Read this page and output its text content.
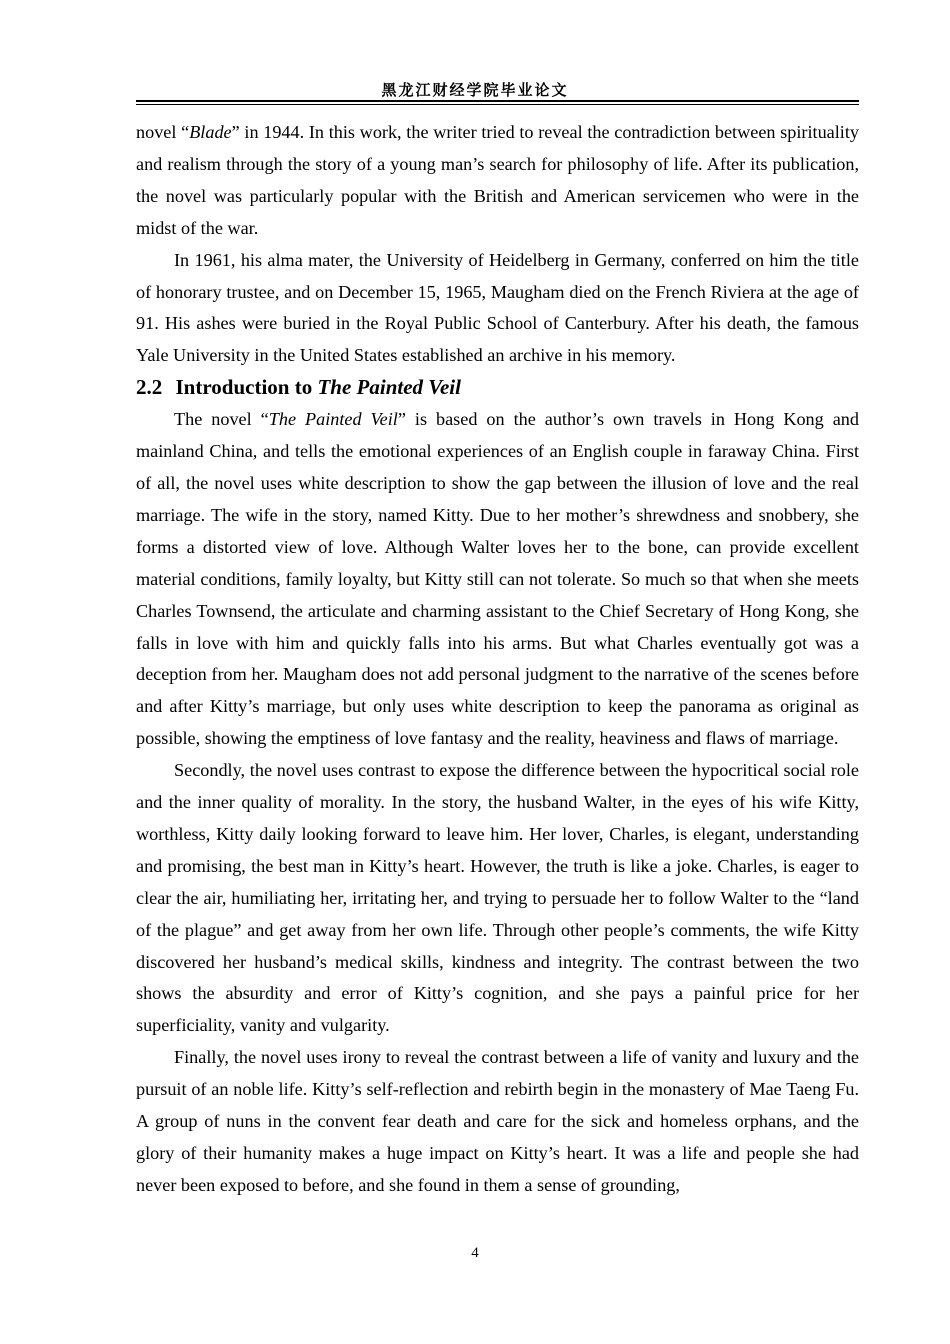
黑龙江财经学院毕业论文

novel “Blade” in 1944. In this work, the writer tried to reveal the contradiction between spirituality and realism through the story of a young man’s search for philosophy of life. After its publication, the novel was particularly popular with the British and American servicemen who were in the midst of the war.

In 1961, his alma mater, the University of Heidelberg in Germany, conferred on him the title of honorary trustee, and on December 15, 1965, Maugham died on the French Riviera at the age of 91. His ashes were buried in the Royal Public School of Canterbury. After his death, the famous Yale University in the United States established an archive in his memory.

2.2 Introduction to The Painted Veil

The novel “The Painted Veil” is based on the author’s own travels in Hong Kong and mainland China, and tells the emotional experiences of an English couple in faraway China. First of all, the novel uses white description to show the gap between the illusion of love and the real marriage. The wife in the story, named Kitty. Due to her mother’s shrewdness and snobbery, she forms a distorted view of love. Although Walter loves her to the bone, can provide excellent material conditions, family loyalty, but Kitty still can not tolerate. So much so that when she meets Charles Townsend, the articulate and charming assistant to the Chief Secretary of Hong Kong, she falls in love with him and quickly falls into his arms. But what Charles eventually got was a deception from her. Maugham does not add personal judgment to the narrative of the scenes before and after Kitty’s marriage, but only uses white description to keep the panorama as original as possible, showing the emptiness of love fantasy and the reality, heaviness and flaws of marriage.

Secondly, the novel uses contrast to expose the difference between the hypocritical social role and the inner quality of morality. In the story, the husband Walter, in the eyes of his wife Kitty, worthless, Kitty daily looking forward to leave him. Her lover, Charles, is elegant, understanding and promising, the best man in Kitty’s heart. However, the truth is like a joke. Charles, is eager to clear the air, humiliating her, irritating her, and trying to persuade her to follow Walter to the “land of the plague” and get away from her own life. Through other people’s comments, the wife Kitty discovered her husband’s medical skills, kindness and integrity. The contrast between the two shows the absurdity and error of Kitty’s cognition, and she pays a painful price for her superficiality, vanity and vulgarity.

Finally, the novel uses irony to reveal the contrast between a life of vanity and luxury and the pursuit of an noble life. Kitty’s self-reflection and rebirth begin in the monastery of Mae Taeng Fu. A group of nuns in the convent fear death and care for the sick and homeless orphans, and the glory of their humanity makes a huge impact on Kitty’s heart. It was a life and people she had never been exposed to before, and she found in them a sense of grounding,

4
